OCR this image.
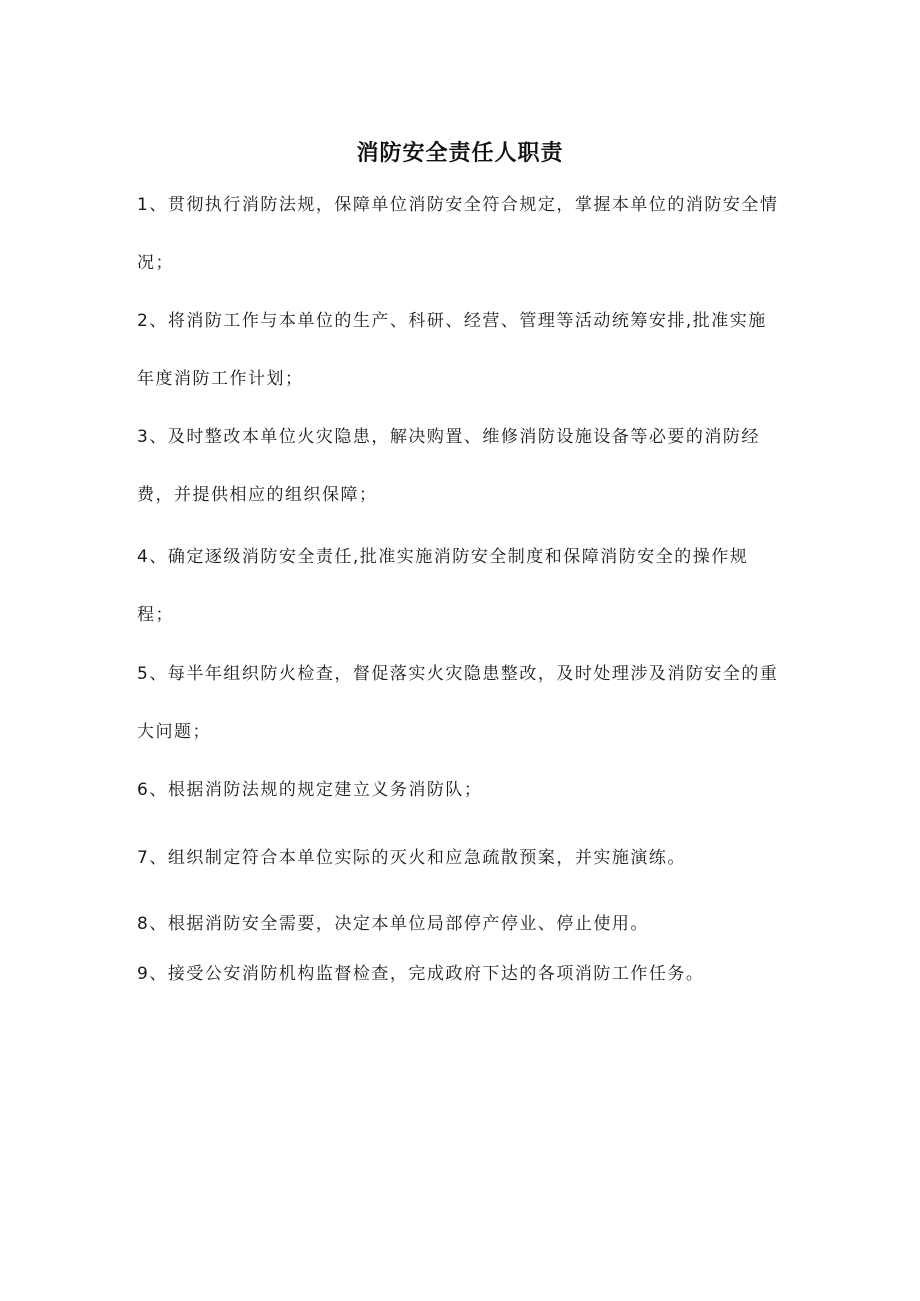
消防安全责任人职责

1、贯彻执行消防法规，保障单位消防安全符合规定，掌握本单位的消防安全情况；

2、将消防工作与本单位的生产、科研、经营、管理等活动统筹安排,批准实施年度消防工作计划；

3、及时整改本单位火灾隐患，解决购置、维修消防设施设备等必要的消防经费，并提供相应的组织保障；

4、确定逐级消防安全责任,批准实施消防安全制度和保障消防安全的操作规程；

5、每半年组织防火检查，督促落实火灾隐患整改，及时处理涉及消防安全的重大问题；

6、根据消防法规的规定建立义务消防队；

7、组织制定符合本单位实际的灭火和应急疏散预案，并实施演练。

8、根据消防安全需要，决定本单位局部停产停业、停止使用。

9、接受公安消防机构监督检查，完成政府下达的各项消防工作任务。
